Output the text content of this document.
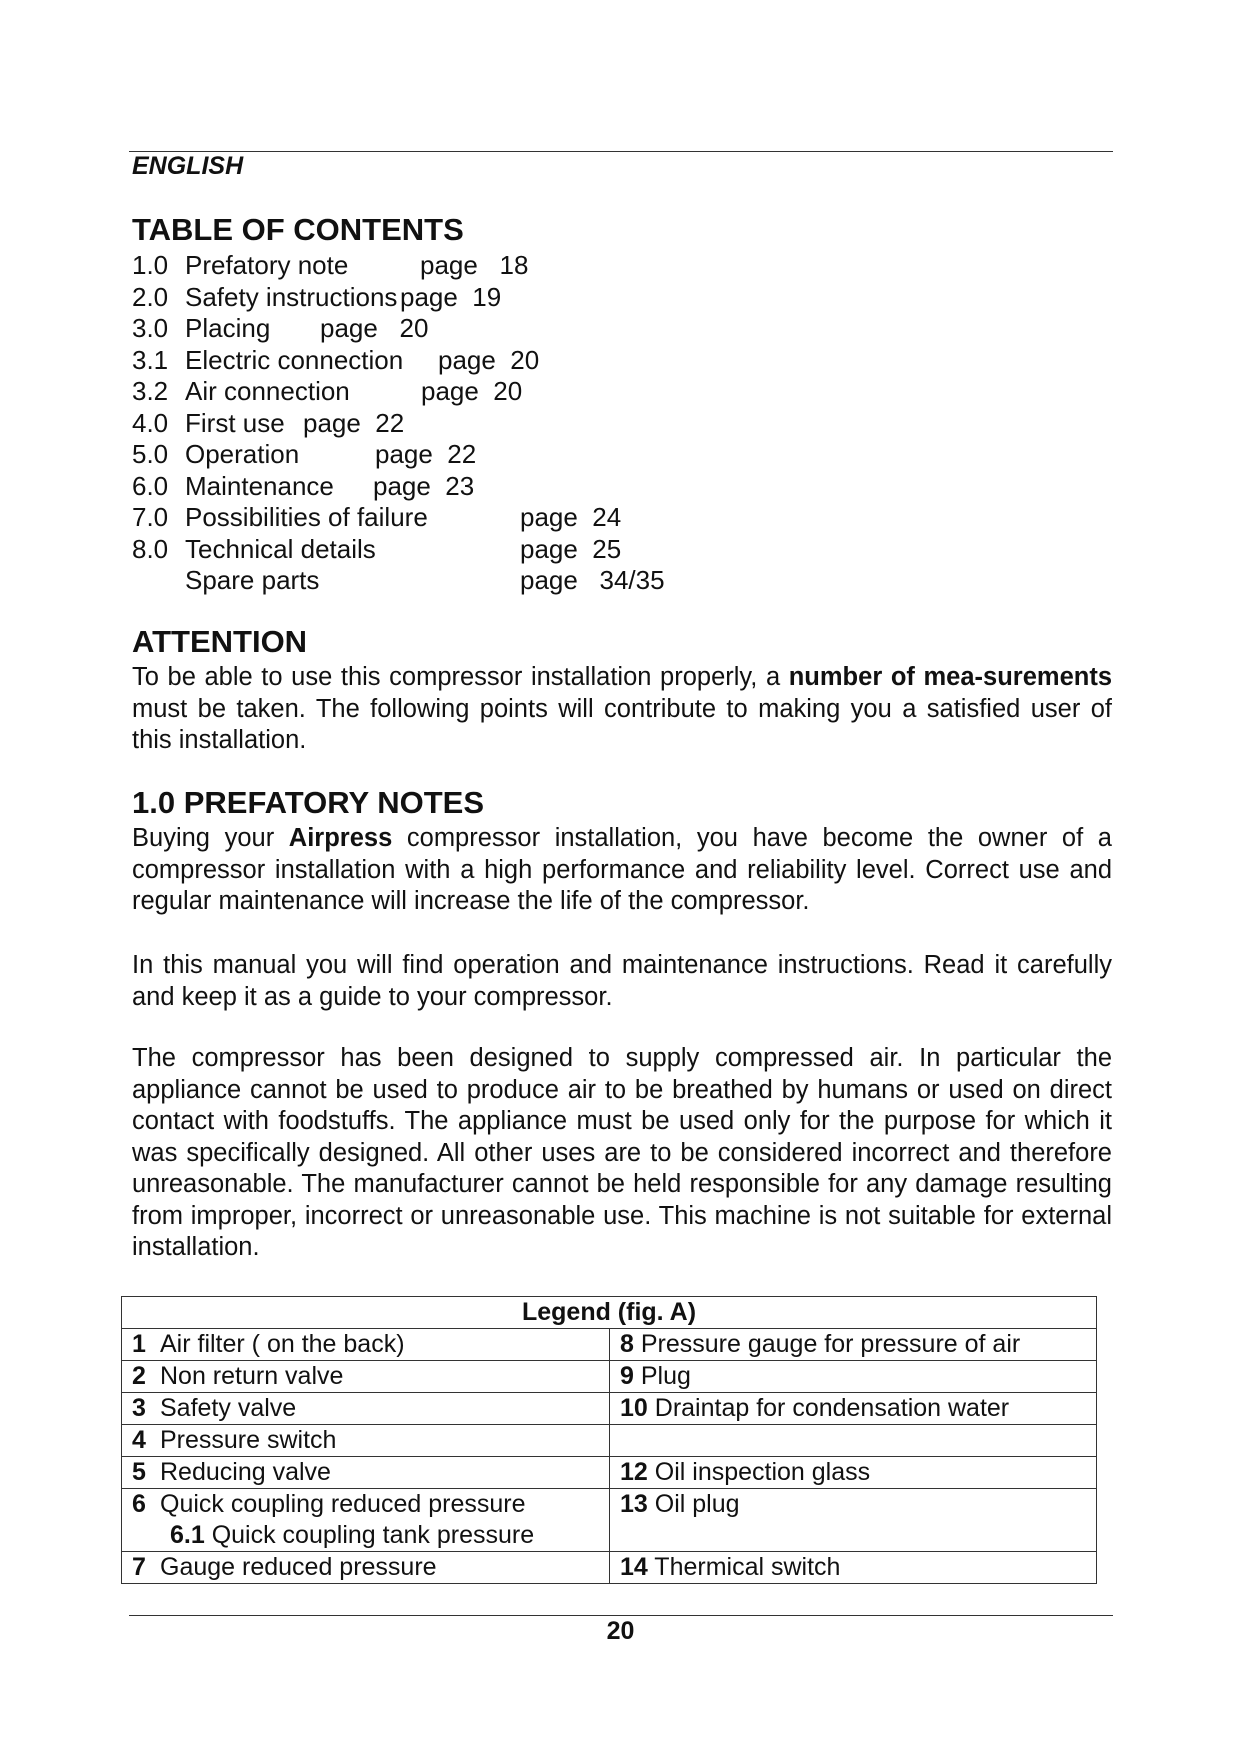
ENGLISH
TABLE OF CONTENTS
1.0 Prefatory note	page   18
2.0 Safety instructions page  19
3.0 Placing page   20
3.1 Electric connection page  20
3.2 Air connection	page  20
4.0 First use page  22
5.0 Operation	page  22
6.0 Maintenance page  23
7.0 Possibilities of failure	page  24
8.0 Technical details	page  25
Spare parts	page   34/35
ATTENTION

To be able to use this compressor installation properly, a number of mea-surements must be taken. The following points will contribute to making you a satisfied user of this installation.

1.0 PREFATORY NOTES

Buying your Airpress compressor installation, you have become the owner of a compressor installation with a high performance and reliability level. Correct use and regular maintenance will increase the life of the compressor.

In this manual you will find operation and maintenance instructions. Read it carefully and keep it as a guide to your compressor.

The compressor has been designed to supply compressed air. In particular the appliance cannot be used to produce air to be breathed by humans or used on direct contact with foodstuffs. The appliance must be used only for the purpose for which it was specifically designed. All other uses are to be considered incorrect and therefore unreasonable. The manufacturer cannot be held responsible for any damage resulting from improper, incorrect or unreasonable use. This machine is not suitable for external installation.

Legend (fig. A)	
1 Air filter ( on the back)	8 Pressure gauge for pressure of air
2 Non return valve	9 Plug
3 Safety valve	10 Draintap for condensation water
4 Pressure switch	
5 Reducing valve	12 Oil inspection glass
6 Quick coupling reduced pressure
6.1 Quick coupling tank pressure	13 Oil plug
7 Gauge reduced pressure	14 Thermical switch
20
